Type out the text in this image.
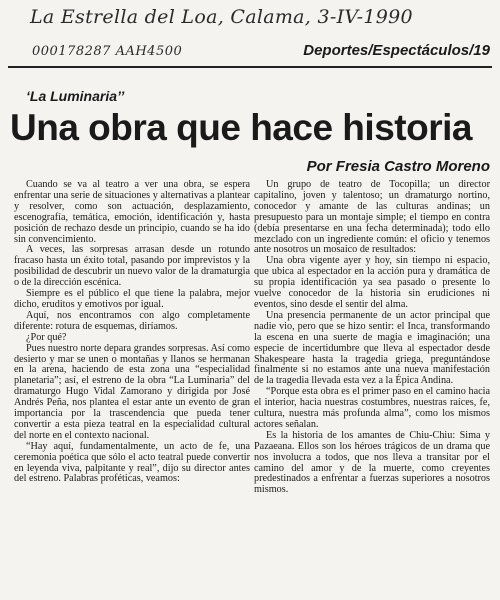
La Estrella del Loa, Calama, 3-IV-1990
000178287 AAH4500	Deportes/Espectáculos/19
‘La Luminaria’’
Una obra que hace historia
Por Fresia Castro Moreno

Cuando se va al teatro a ver una obra, se espera enfrentar una serie de situaciones y alternativas a plantear y resolver, como son actuación, desplazamiento, escenografía, temática, emoción, identificación y, hasta posición de rechazo desde un principio, cuando se ha ido sin convencimiento.

A veces, las sorpresas arrasan desde un rotundo fracaso hasta un éxito total, pasando por imprevistos y la posibilidad de descubrir un nuevo valor de la dramaturgia o de la dirección escénica.

Siempre es el público el que tiene la palabra, mejor dicho, eruditos y emotivos por igual.

Aquí, nos encontramos con algo completamente diferente: rotura de esquemas, diríamos.

¿Por qué?

Pues nuestro norte depara grandes sorpresas. Así como desierto y mar se unen o montañas y llanos se hermanan en la arena, haciendo de esta zona una “especialidad planetaria”; así, el estreno de la obra “La Luminaria” del dramaturgo Hugo Vidal Zamorano y dirigida por José Andrés Peña, nos plantea el estar ante un evento de gran importancia por la trascendencia que pueda tener convertir a esta pieza teatral en la especialidad cultural del norte en el contexto nacional.

“Hay aquí, fundamentalmente, un acto de fe, una ceremonia poética que sólo el acto teatral puede convertir en leyenda viva, palpitante y real”, dijo su director antes del estreno. Palabras proféticas, veamos:

Un grupo de teatro de Tocopilla; un director capitalino, joven y talentoso; un dramaturgo nortino, conocedor y amante de las culturas andinas; un presupuesto para un montaje simple; el tiempo en contra (debía presentarse en una fecha determinada); todo ello mezclado con un ingrediente común: el oficio y tenemos ante nosotros un mosaico de resultados:

Una obra vigente ayer y hoy, sin tiempo ni espacio, que ubica al espectador en la acción pura y dramática de su propia identificación ya sea pasado o presente lo vuelve conocedor de la historia sin erudiciones ni eventos, sino desde el sentir del alma.

Una presencia permanente de un actor principal que nadie vio, pero que se hizo sentir: el Inca, transformando la escena en una suerte de magia e imaginación; una especie de incertidumbre que lleva al espectador desde Shakespeare hasta la tragedia griega, preguntándose finalmente si no estamos ante una nueva manifestación de la tragedia llevada esta vez a la Épica Andina.

“Porque esta obra es el primer paso en el camino hacia el interior, hacia nuestras costumbres, nuestras raíces, fe, cultura, nuestra más profunda alma”, como los mismos actores señalan.

Es la historia de los amantes de Chiu-Chiu: Sima y Pazaeana. Ellos son los héroes trágicos de un drama que nos involucra a todos, que nos lleva a transitar por el camino del amor y de la muerte, como creyentes predestinados a enfrentar a fuerzas superiores a nosotros mismos.
